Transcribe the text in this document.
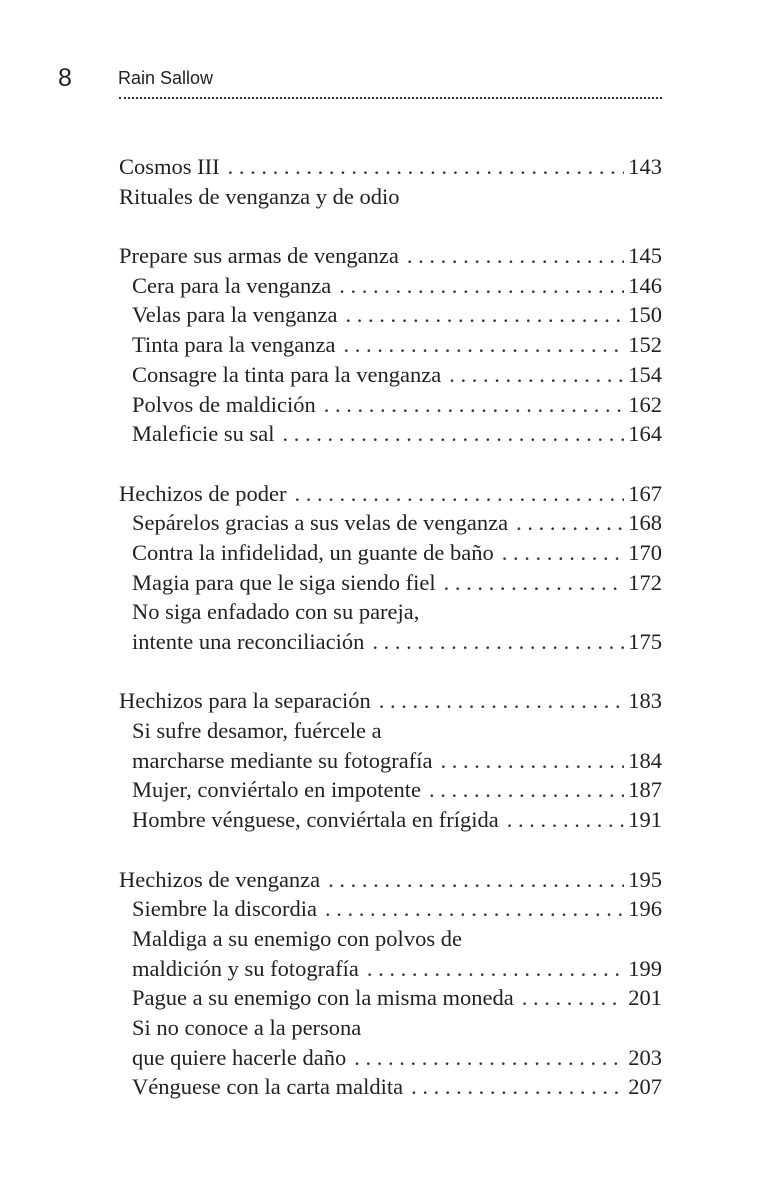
8	Rain Sallow
Cosmos III . . .	143
Rituales de venganza y de odio
Prepare sus armas de venganza . . .	145
Cera para la venganza . . .	146
Velas para la venganza . . .	150
Tinta para la venganza . . .	152
Consagre la tinta para la venganza . . .	154
Polvos de maldición . . .	162
Maleficie su sal . . .	164
Hechizos de poder . . .	167
Sepárelos gracias a sus velas de venganza . . .	168
Contra la infidelidad, un guante de baño . . .	170
Magia para que le siga siendo fiel . . .	172
No siga enfadado con su pareja,
intente una reconciliación . . .	175
Hechizos para la separación . . .	183
Si sufre desamor, fuércele a
marcharse mediante su fotografía . . .	184
Mujer, conviértalo en impotente . . .	187
Hombre vénguese, conviértala en frígida . . .	191
Hechizos de venganza . . .	195
Siembre la discordia . . .	196
Maldiga a su enemigo con polvos de
maldición y su fotografía . . .	199
Pague a su enemigo con la misma moneda . . .	201
Si no conoce a la persona
que quiere hacerle daño . . .	203
Vénguese con la carta maldita . . .	207
